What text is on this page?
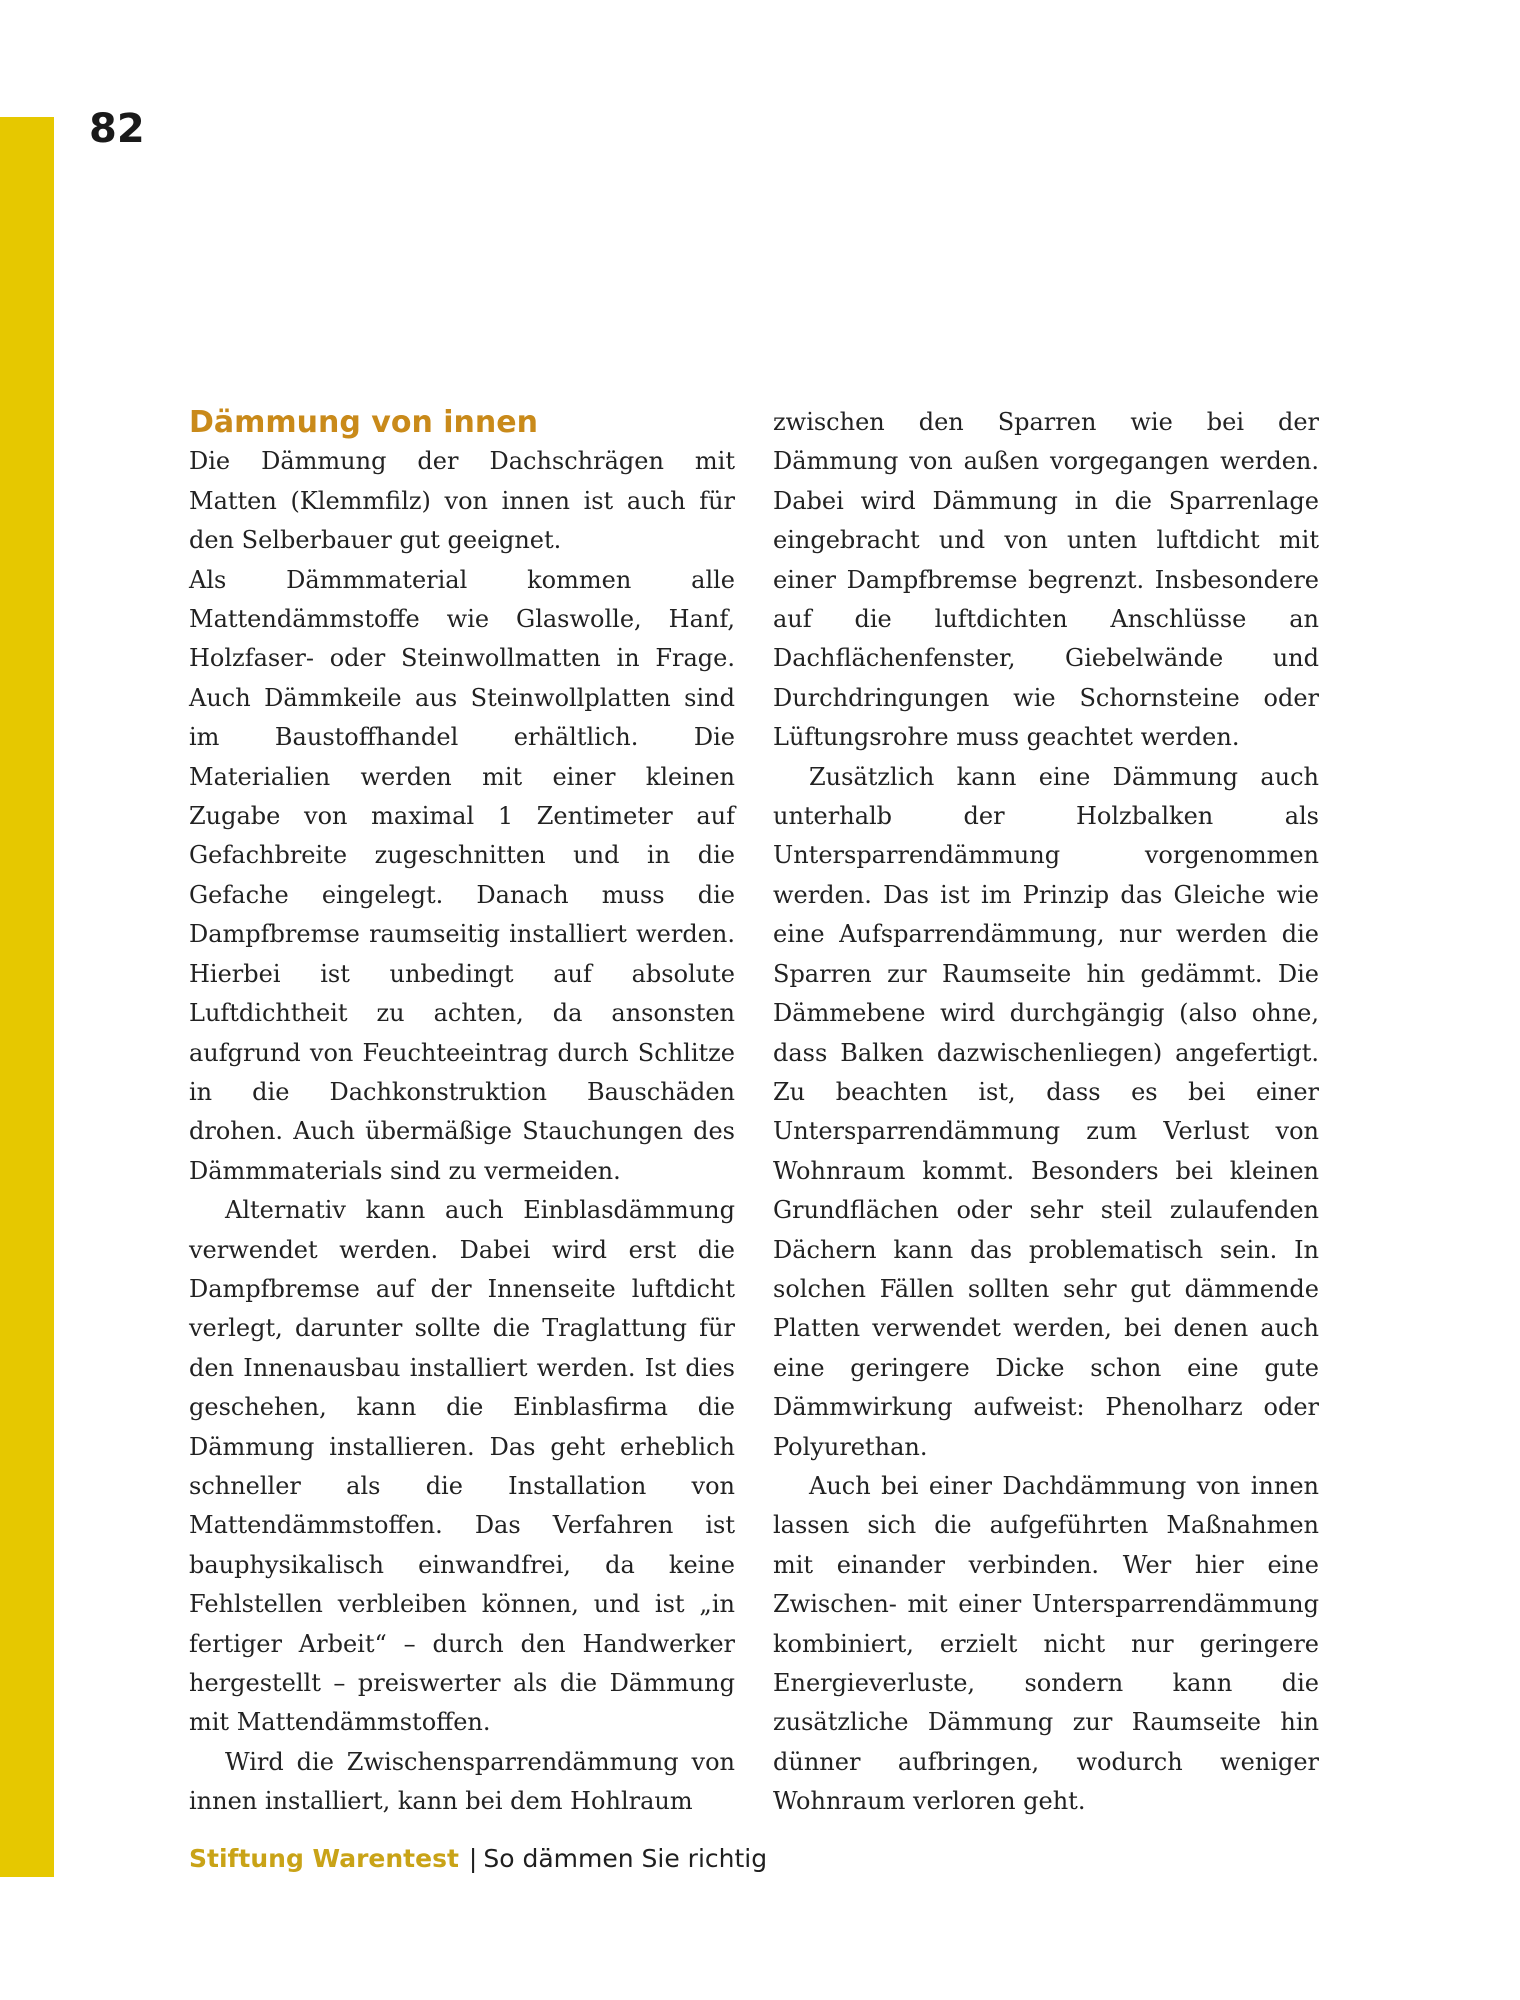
82
Dämmung von innen

Die Dämmung der Dachschrägen mit Matten (Klemmfilz) von innen ist auch für den Selberbauer gut geeignet.

Als Dämmmaterial kommen alle Mattendämmstoffe wie Glaswolle, Hanf, Holzfaser- oder Steinwollmatten in Frage. Auch Dämmkeile aus Steinwollplatten sind im Baustoffhandel erhältlich. Die Materialien werden mit einer kleinen Zugabe von maximal 1 Zentimeter auf Gefachbreite zugeschnitten und in die Gefache eingelegt. Danach muss die Dampfbremse raumseitig installiert werden. Hierbei ist unbedingt auf absolute Luftdichtheit zu achten, da ansonsten aufgrund von Feuchteeintrag durch Schlitze in die Dachkonstruktion Bauschäden drohen. Auch übermäßige Stauchungen des Dämmmaterials sind zu vermeiden.

Alternativ kann auch Einblasdämmung verwendet werden. Dabei wird erst die Dampfbremse auf der Innenseite luftdicht verlegt, darunter sollte die Traglattung für den Innenausbau installiert werden. Ist dies geschehen, kann die Einblasfirma die Dämmung installieren. Das geht erheblich schneller als die Installation von Mattendämmstoffen. Das Verfahren ist bauphysikalisch einwandfrei, da keine Fehlstellen verbleiben können, und ist „in fertiger Arbeit“ – durch den Handwerker hergestellt – preiswerter als die Dämmung mit Mattendämmstoffen.

Wird die Zwischensparrendämmung von innen installiert, kann bei dem Hohlraum

zwischen den Sparren wie bei der Dämmung von außen vorgegangen werden. Dabei wird Dämmung in die Sparrenlage eingebracht und von unten luftdicht mit einer Dampfbremse begrenzt. Insbesondere auf die luftdichten Anschlüsse an Dachflächenfenster, Giebelwände und Durchdringungen wie Schornsteine oder Lüftungsrohre muss geachtet werden.

Zusätzlich kann eine Dämmung auch unterhalb der Holzbalken als Untersparrendämmung vorgenommen werden. Das ist im Prinzip das Gleiche wie eine Aufsparrendämmung, nur werden die Sparren zur Raumseite hin gedämmt. Die Dämmebene wird durchgängig (also ohne, dass Balken dazwischenliegen) angefertigt. Zu beachten ist, dass es bei einer Untersparrendämmung zum Verlust von Wohnraum kommt. Besonders bei kleinen Grundflächen oder sehr steil zulaufenden Dächern kann das problematisch sein. In solchen Fällen sollten sehr gut dämmende Platten verwendet werden, bei denen auch eine geringere Dicke schon eine gute Dämmwirkung aufweist: Phenolharz oder Polyurethan.

Auch bei einer Dachdämmung von innen lassen sich die aufgeführten Maßnahmen mit einander verbinden. Wer hier eine Zwischen- mit einer Untersparrendämmung kombiniert, erzielt nicht nur geringere Energieverluste, sondern kann die zusätzliche Dämmung zur Raumseite hin dünner aufbringen, wodurch weniger Wohnraum verloren geht.

Stiftung Warentest | So dämmen Sie richtig
